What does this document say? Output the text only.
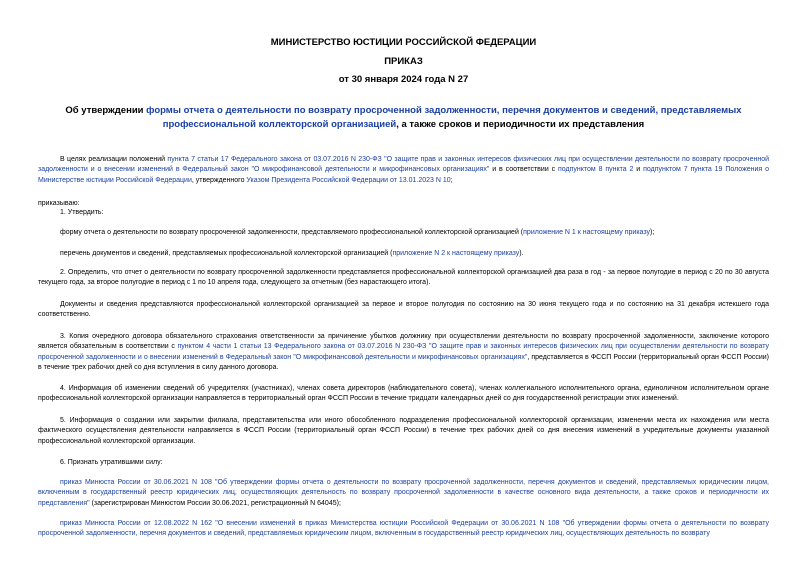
МИНИСТЕРСТВО ЮСТИЦИИ РОССИЙСКОЙ ФЕДЕРАЦИИ
ПРИКАЗ
от 30 января 2024 года N 27
Об утверждении формы отчета о деятельности по возврату просроченной задолженности, перечня документов и сведений, представляемых профессиональной коллекторской организацией, а также сроков и периодичности их представления
В целях реализации положений пункта 7 статьи 17 Федерального закона от 03.07.2016 N 230-ФЗ "О защите прав и законных интересов физических лиц при осуществлении деятельности по возврату просроченной задолженности и о внесении изменений в Федеральный закон "О микрофинансовой деятельности и микрофинансовых организациях" и в соответствии с подпунктом 8 пункта 2 и подпунктом 7 пункта 19 Положения о Министерстве юстиции Российской Федерации, утвержденного Указом Президента Российской Федерации от 13.01.2023 N 10;
приказываю:
1. Утвердить:
форму отчета о деятельности по возврату просроченной задолженности, представляемого профессиональной коллекторской организацией (приложение N 1 к настоящему приказу);
перечень документов и сведений, представляемых профессиональной коллекторской организацией (приложение N 2 к настоящему приказу).
2. Определить, что отчет о деятельности по возврату просроченной задолженности представляется профессиональной коллекторской организацией два раза в год - за первое полугодие в период с 20 по 30 августа текущего года, за второе полугодие в период с 1 по 10 апреля года, следующего за отчетным (без нарастающего итога).
Документы и сведения представляются профессиональной коллекторской организацией за первое и второе полугодия по состоянию на 30 июня текущего года и по состоянию на 31 декабря истекшего года соответственно.
3. Копия очередного договора обязательного страхования ответственности за причинение убытков должнику при осуществлении деятельности по возврату просроченной задолженности, заключение которого является обязательным в соответствии с пунктом 4 части 1 статьи 13 Федерального закона от 03.07.2016 N 230-ФЗ "О защите прав и законных интересов физических лиц при осуществлении деятельности по возврату просроченной задолженности и о внесении изменений в Федеральный закон "О микрофинансовой деятельности и микрофинансовых организациях", представляется в ФССП России (территориальный орган ФССП России) в течение трех рабочих дней со дня вступления в силу данного договора.
4. Информация об изменении сведений об учредителях (участниках), членах совета директоров (наблюдательного совета), членах коллегиального исполнительного органа, единоличном исполнительном органе профессиональной коллекторской организации направляется в территориальный орган ФССП России в течение тридцати календарных дней со дня государственной регистрации этих изменений.
5. Информация о создании или закрытии филиала, представительства или иного обособленного подразделения профессиональной коллекторской организации, изменении места их нахождения или места фактического осуществления деятельности направляется в ФССП России (территориальный орган ФССП России) в течение трех рабочих дней со дня внесения изменений в учредительные документы указанной профессиональной коллекторской организации.
6. Признать утратившими силу:
приказ Минюста России от 30.06.2021 N 108 "Об утверждении формы отчета о деятельности по возврату просроченной задолженности, перечня документов и сведений, представляемых юридическим лицом, включенным в государственный реестр юридических лиц, осуществляющих деятельность по возврату просроченной задолженности в качестве основного вида деятельности, а также сроков и периодичности их представления" (зарегистрирован Минюстом России 30.06.2021, регистрационный N 64045);
приказ Минюста России от 12.08.2022 N 162 "О внесении изменений в приказ Министерства юстиции Российской Федерации от 30.06.2021 N 108 "Об утверждении формы отчета о деятельности по возврату просроченной задолженности, перечня документов и сведений, представляемых юридическим лицом, включенным в государственный реестр юридических лиц, осуществляющих деятельность по возврату
